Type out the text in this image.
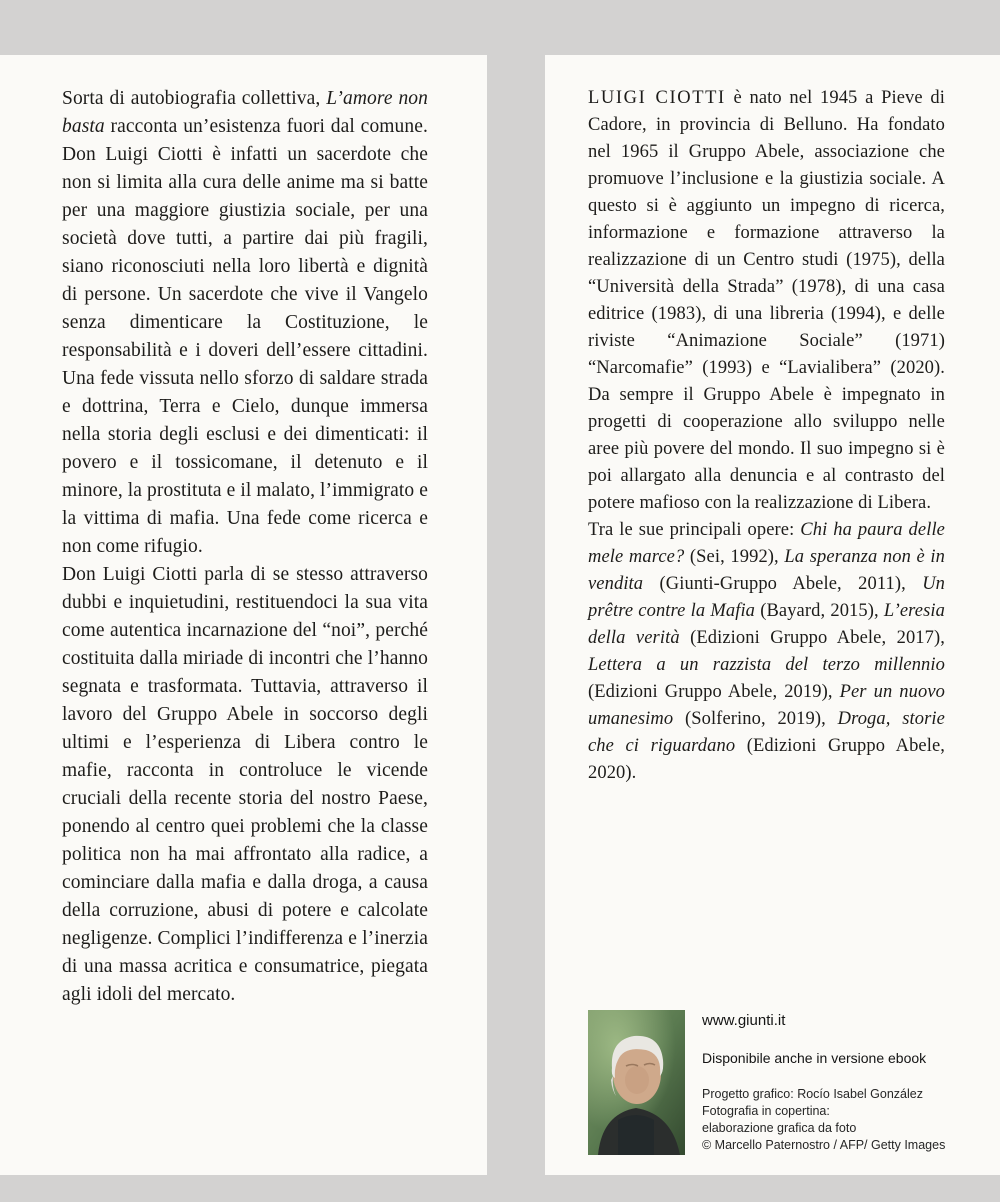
Sorta di autobiografia collettiva, L’amore non basta racconta un’esistenza fuori dal comune. Don Luigi Ciotti è infatti un sacerdote che non si limita alla cura delle anime ma si batte per una maggiore giustizia sociale, per una società dove tutti, a partire dai più fragili, siano riconosciuti nella loro libertà e dignità di persone. Un sacerdote che vive il Vangelo senza dimenticare la Costituzione, le responsabilità e i doveri dell’essere cittadini. Una fede vissuta nello sforzo di saldare strada e dottrina, Terra e Cielo, dunque immersa nella storia degli esclusi e dei dimenticati: il povero e il tossicomane, il detenuto e il minore, la prostituta e il malato, l’immigrato e la vittima di mafia. Una fede come ricerca e non come rifugio.

Don Luigi Ciotti parla di se stesso attraverso dubbi e inquietudini, restituendoci la sua vita come autentica incarnazione del “noi”, perché costituita dalla miriade di incontri che l’hanno segnata e trasformata. Tuttavia, attraverso il lavoro del Gruppo Abele in soccorso degli ultimi e l’esperienza di Libera contro le mafie, racconta in controluce le vicende cruciali della recente storia del nostro Paese, ponendo al centro quei problemi che la classe politica non ha mai affrontato alla radice, a cominciare dalla mafia e dalla droga, a causa della corruzione, abusi di potere e calcolate negligenze. Complici l’indifferenza e l’inerzia di una massa acritica e consumatrice, piegata agli idoli del mercato.

LUIGI CIOTTI è nato nel 1945 a Pieve di Cadore, in provincia di Belluno. Ha fondato nel 1965 il Gruppo Abele, associazione che promuove l’inclusione e la giustizia sociale. A questo si è aggiunto un impegno di ricerca, informazione e formazione attraverso la realizzazione di un Centro studi (1975), della “Università della Strada” (1978), di una casa editrice (1983), di una libreria (1994), e delle riviste “Animazione Sociale” (1971) “Narcomafie” (1993) e “Lavialibera” (2020). Da sempre il Gruppo Abele è impegnato in progetti di cooperazione allo sviluppo nelle aree più povere del mondo. Il suo impegno si è poi allargato alla denuncia e al contrasto del potere mafioso con la realizzazione di Libera.

Tra le sue principali opere: Chi ha paura delle mele marce? (Sei, 1992), La speranza non è in vendita (Giunti-Gruppo Abele, 2011), Un prêtre contre la Mafia (Bayard, 2015), L’eresia della verità (Edizioni Gruppo Abele, 2017), Lettera a un razzista del terzo millennio (Edizioni Gruppo Abele, 2019), Per un nuovo umanesimo (Solferino, 2019), Droga, storie che ci riguardano (Edizioni Gruppo Abele, 2020).

www.giunti.it
Disponibile anche in versione ebook
Progetto grafico: Rocío Isabel González
Fotografia in copertina:
elaborazione grafica da foto
© Marcello Paternostro / AFP/ Getty Images
